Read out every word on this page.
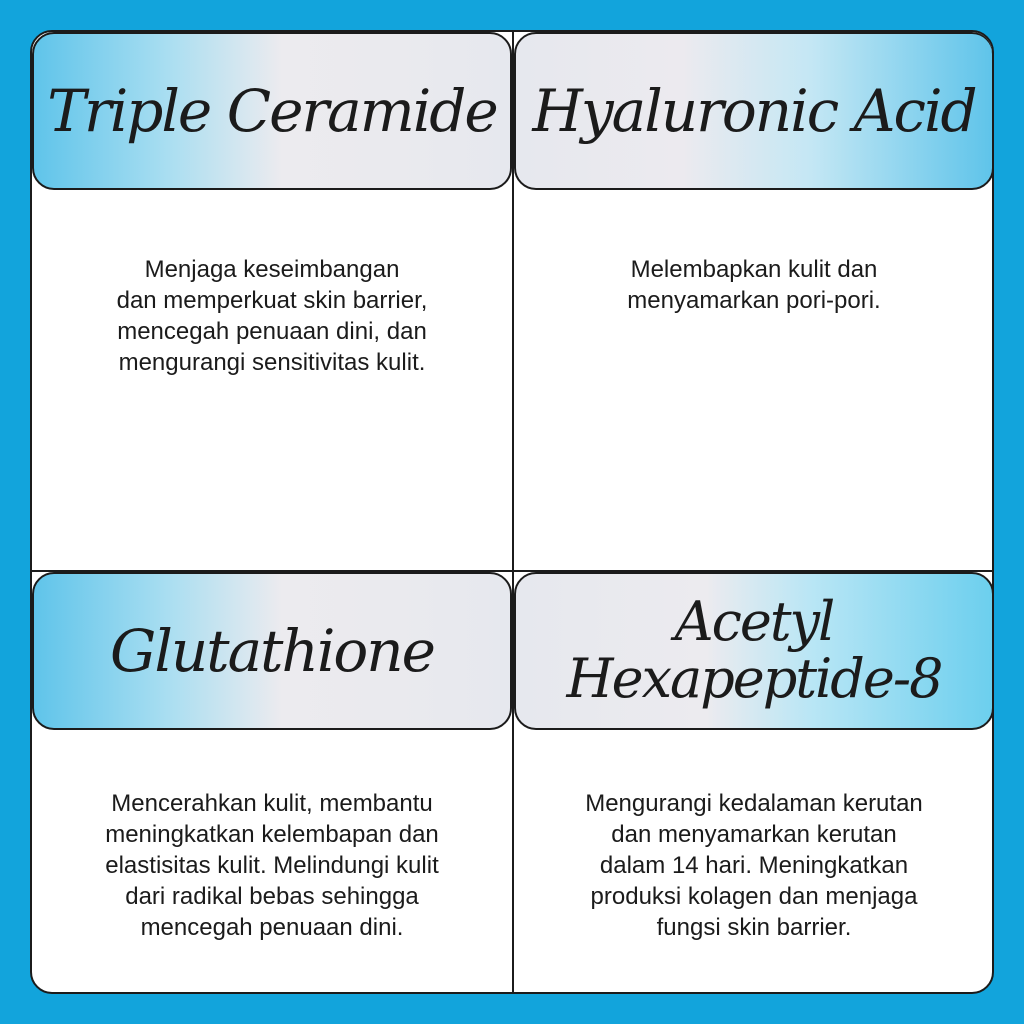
Triple Ceramide
Menjaga keseimbangan
dan memperkuat skin barrier,
mencegah penuaan dini, dan
mengurangi sensitivitas kulit.
Hyaluronic Acid
Melembapkan kulit dan
menyamarkan pori-pori.
Glutathione
Mencerahkan kulit, membantu
meningkatkan kelembapan dan
elastisitas kulit. Melindungi kulit
dari radikal bebas sehingga
mencegah penuaan dini.
Acetyl
Hexapeptide-8
Mengurangi kedalaman kerutan
dan menyamarkan kerutan
dalam 14 hari. Meningkatkan
produksi kolagen dan menjaga
fungsi skin barrier.
